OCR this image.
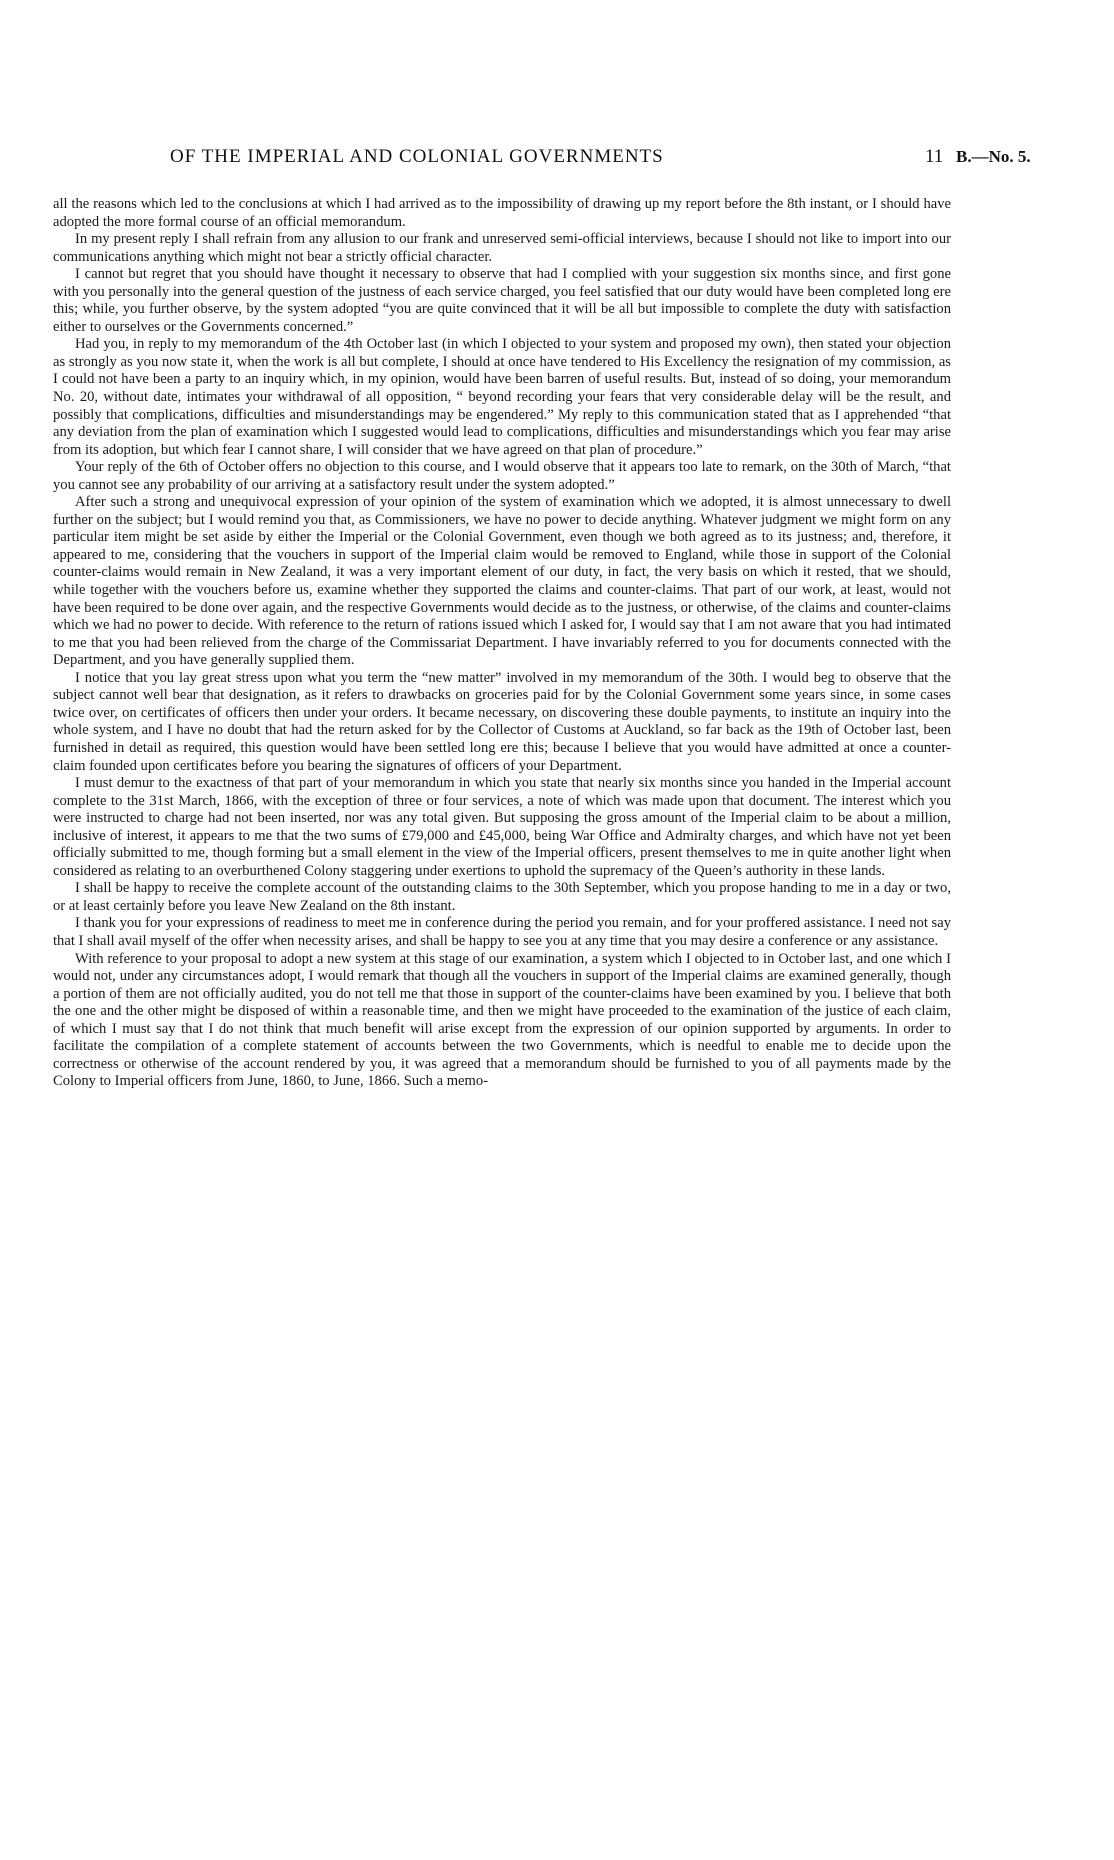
OF THE IMPERIAL AND COLONIAL GOVERNMENTS	11 B.—No. 5.

all the reasons which led to the conclusions at which I had arrived as to the impossibility of drawing up my report before the 8th instant, or I should have adopted the more formal course of an official memorandum.

In my present reply I shall refrain from any allusion to our frank and unreserved semi-official interviews, because I should not like to import into our communications anything which might not bear a strictly official character.

I cannot but regret that you should have thought it necessary to observe that had I complied with your suggestion six months since, and first gone with you personally into the general question of the justness of each service charged, you feel satisfied that our duty would have been completed long ere this; while, you further observe, by the system adopted “you are quite convinced that it will be all but impossible to complete the duty with satisfaction either to ourselves or the Governments concerned.”

Had you, in reply to my memorandum of the 4th October last (in which I objected to your system and proposed my own), then stated your objection as strongly as you now state it, when the work is all but complete, I should at once have tendered to His Excellency the resignation of my commission, as I could not have been a party to an inquiry which, in my opinion, would have been barren of useful results. But, instead of so doing, your memorandum No. 20, without date, intimates your withdrawal of all opposition, “ beyond recording your fears that very considerable delay will be the result, and possibly that complications, difficulties and misunderstandings may be engendered.” My reply to this communication stated that as I apprehended “that any deviation from the plan of examination which I suggested would lead to complications, difficulties and misunderstandings which you fear may arise from its adoption, but which fear I cannot share, I will consider that we have agreed on that plan of procedure.”

Your reply of the 6th of October offers no objection to this course, and I would observe that it appears too late to remark, on the 30th of March, “that you cannot see any probability of our arriving at a satisfactory result under the system adopted.”

After such a strong and unequivocal expression of your opinion of the system of examination which we adopted, it is almost unnecessary to dwell further on the subject; but I would remind you that, as Commissioners, we have no power to decide anything. Whatever judgment we might form on any particular item might be set aside by either the Imperial or the Colonial Government, even though we both agreed as to its justness; and, therefore, it appeared to me, considering that the vouchers in support of the Imperial claim would be removed to England, while those in support of the Colonial counter-claims would remain in New Zealand, it was a very important element of our duty, in fact, the very basis on which it rested, that we should, while together with the vouchers before us, examine whether they supported the claims and counter-claims. That part of our work, at least, would not have been required to be done over again, and the respective Governments would decide as to the justness, or otherwise, of the claims and counter-claims which we had no power to decide. With reference to the return of rations issued which I asked for, I would say that I am not aware that you had intimated to me that you had been relieved from the charge of the Commissariat Department. I have invariably referred to you for documents connected with the Department, and you have generally supplied them.

I notice that you lay great stress upon what you term the “new matter” involved in my memorandum of the 30th. I would beg to observe that the subject cannot well bear that designation, as it refers to drawbacks on groceries paid for by the Colonial Government some years since, in some cases twice over, on certificates of officers then under your orders. It became necessary, on discovering these double payments, to institute an inquiry into the whole system, and I have no doubt that had the return asked for by the Collector of Customs at Auckland, so far back as the 19th of October last, been furnished in detail as required, this question would have been settled long ere this; because I believe that you would have admitted at once a counter-claim founded upon certificates before you bearing the signatures of officers of your Department.

I must demur to the exactness of that part of your memorandum in which you state that nearly six months since you handed in the Imperial account complete to the 31st March, 1866, with the exception of three or four services, a note of which was made upon that document. The interest which you were instructed to charge had not been inserted, nor was any total given. But supposing the gross amount of the Imperial claim to be about a million, inclusive of interest, it appears to me that the two sums of £79,000 and £45,000, being War Office and Admiralty charges, and which have not yet been officially submitted to me, though forming but a small element in the view of the Imperial officers, present themselves to me in quite another light when considered as relating to an overburthened Colony staggering under exertions to uphold the supremacy of the Queen’s authority in these lands.

I shall be happy to receive the complete account of the outstanding claims to the 30th September, which you propose handing to me in a day or two, or at least certainly before you leave New Zealand on the 8th instant.

I thank you for your expressions of readiness to meet me in conference during the period you remain, and for your proffered assistance. I need not say that I shall avail myself of the offer when necessity arises, and shall be happy to see you at any time that you may desire a conference or any assistance.

With reference to your proposal to adopt a new system at this stage of our examination, a system which I objected to in October last, and one which I would not, under any circumstances adopt, I would remark that though all the vouchers in support of the Imperial claims are examined generally, though a portion of them are not officially audited, you do not tell me that those in support of the counter-claims have been examined by you. I believe that both the one and the other might be disposed of within a reasonable time, and then we might have proceeded to the examination of the justice of each claim, of which I must say that I do not think that much benefit will arise except from the expression of our opinion supported by arguments. In order to facilitate the compilation of a complete statement of accounts between the two Governments, which is needful to enable me to decide upon the correctness or otherwise of the account rendered by you, it was agreed that a memorandum should be furnished to you of all payments made by the Colony to Imperial officers from June, 1860, to June, 1866. Such a memo-
